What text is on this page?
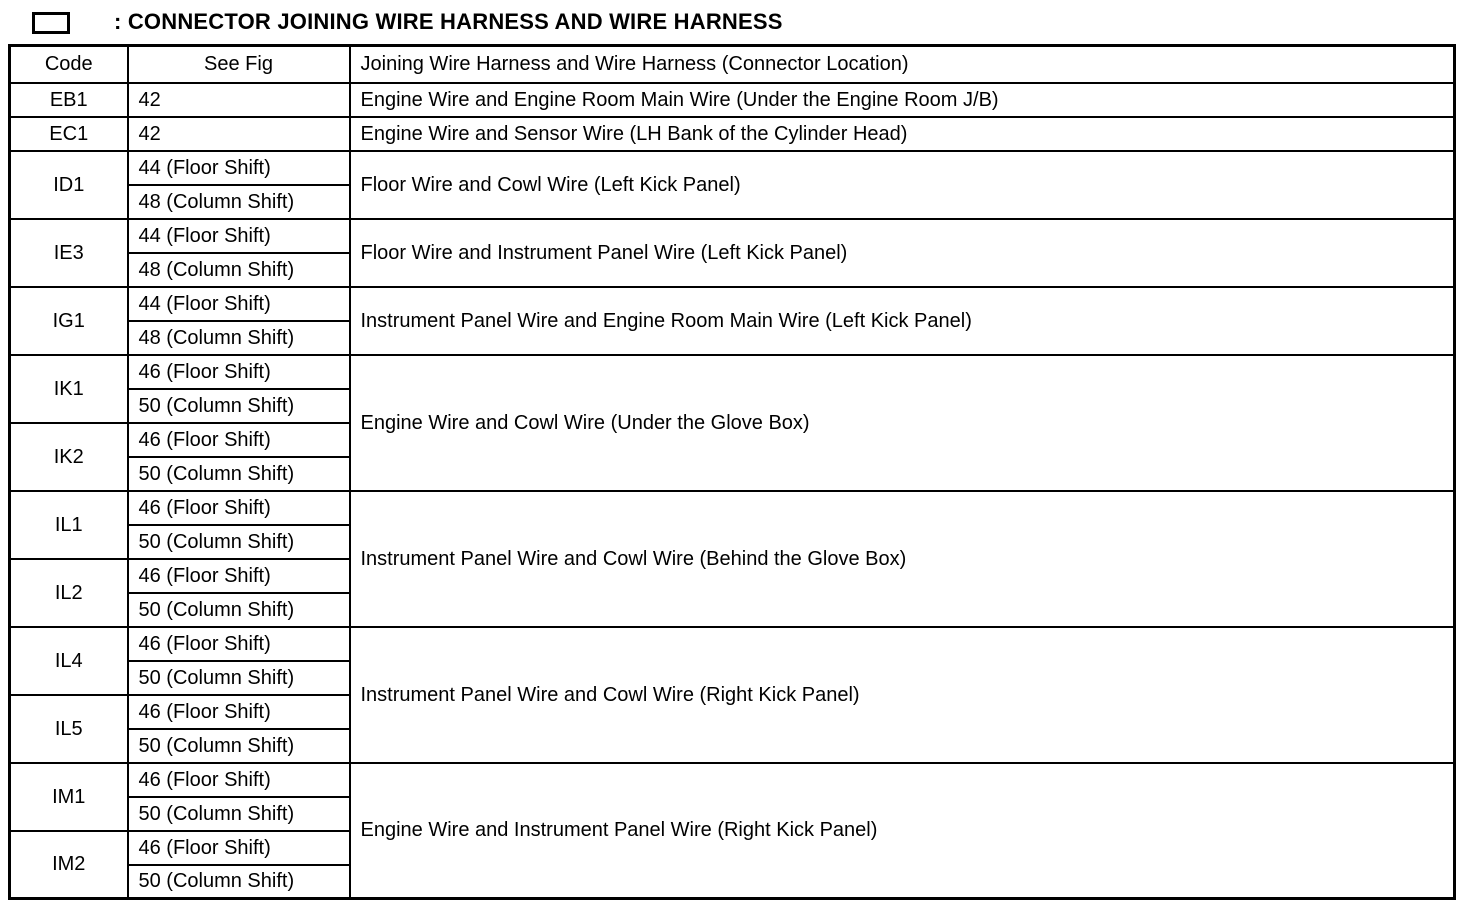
: CONNECTOR JOINING WIRE HARNESS AND WIRE HARNESS
Code	See Fig	Joining Wire Harness and Wire Harness (Connector Location)
EB1	42	Engine Wire and Engine Room Main Wire (Under the Engine Room J/B)
EC1	42	Engine Wire and Sensor Wire (LH Bank of the Cylinder Head)
ID1	44 (Floor Shift)	Floor Wire and Cowl Wire (Left Kick Panel)
	48 (Column Shift)	
IE3	44 (Floor Shift)	Floor Wire and Instrument Panel Wire (Left Kick Panel)
	48 (Column Shift)	
IG1	44 (Floor Shift)	Instrument Panel Wire and Engine Room Main Wire (Left Kick Panel)
	48 (Column Shift)	
IK1	46 (Floor Shift)	Engine Wire and Cowl Wire (Under the Glove Box)
	50 (Column Shift)	
IK2	46 (Floor Shift)	
	50 (Column Shift)	
IL1	46 (Floor Shift)	Instrument Panel Wire and Cowl Wire (Behind the Glove Box)
	50 (Column Shift)	
IL2	46 (Floor Shift)	
	50 (Column Shift)	
IL4	46 (Floor Shift)	Instrument Panel Wire and Cowl Wire (Right Kick Panel)
	50 (Column Shift)	
IL5	46 (Floor Shift)	
	50 (Column Shift)	
IM1	46 (Floor Shift)	Engine Wire and Instrument Panel Wire (Right Kick Panel)
	50 (Column Shift)	
IM2	46 (Floor Shift)	
	50 (Column Shift)	
